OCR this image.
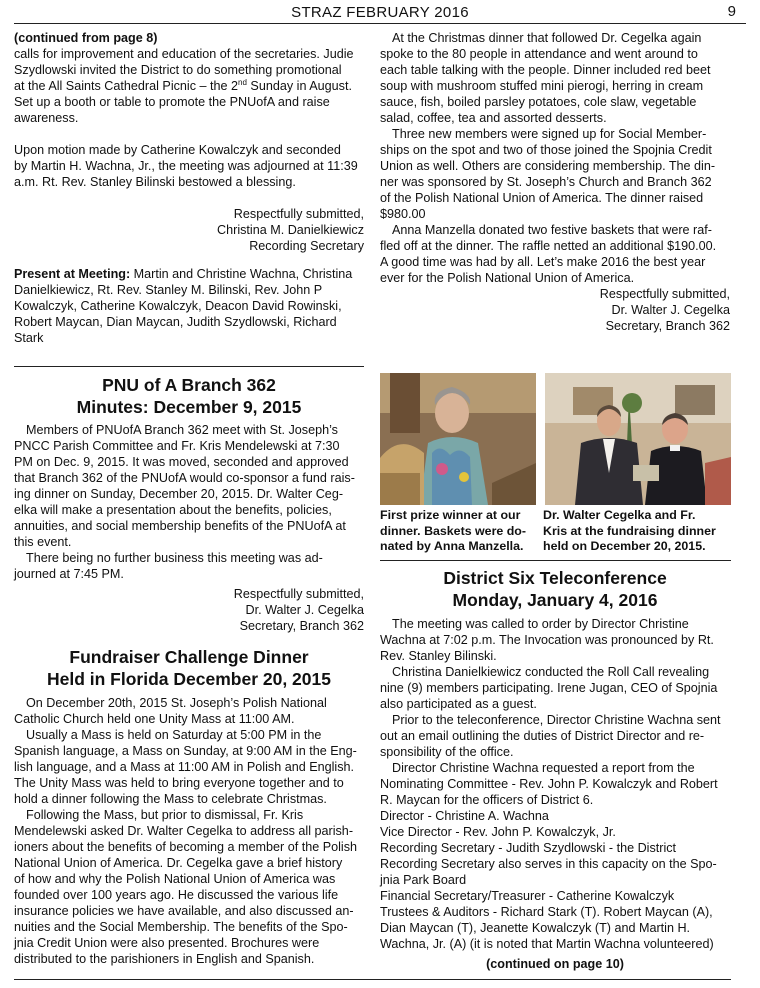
STRAZ FEBRUARY 2016	9
(continued from page 8)

calls for improvement and education of the secretaries. Judie
Szydlowski invited the District to do something promotional
at the All Saints Cathedral Picnic – the 2nd Sunday in August.
Set up a booth or table to promote the PNUofA and raise
awareness.

Upon motion made by Catherine Kowalczyk and seconded
by Martin H. Wachna, Jr., the meeting was adjourned at 11:39
a.m. Rt. Rev. Stanley Bilinski bestowed a blessing.

Respectfully submitted,
Christina M. Danielkiewicz
Recording Secretary

Present at Meeting: Martin and Christine Wachna, Christina
Danielkiewicz, Rt. Rev. Stanley M. Bilinski, Rev. John P
Kowalczyk, Catherine Kowalczyk, Deacon David Rowinski,
Robert Maycan, Dian Maycan, Judith Szydlowski, Richard
Stark

PNU of A Branch 362
Minutes: December 9, 2015

Members of PNUofA Branch 362 meet with St. Joseph’s
PNCC Parish Committee and Fr. Kris Mendelewski at 7:30
PM on Dec. 9, 2015. It was moved, seconded and approved
that Branch 362 of the PNUofA would co-sponsor a fund rais-
ing dinner on Sunday, December 20, 2015. Dr. Walter Ceg-
elka will make a presentation about the benefits, policies,
annuities, and social membership benefits of the PNUofA at
this event.

There being no further business this meeting was ad-
journed at 7:45 PM.

Respectfully submitted,
Dr. Walter J. Cegelka
Secretary, Branch 362
Fundraiser Challenge Dinner
Held in Florida December 20, 2015

On December 20th, 2015 St. Joseph’s Polish National
Catholic Church held one Unity Mass at 11:00 AM.

Usually a Mass is held on Saturday at 5:00 PM in the
Spanish language, a Mass on Sunday, at 9:00 AM in the Eng-
lish language, and a Mass at 11:00 AM in Polish and English.
The Unity Mass was held to bring everyone together and to
hold a dinner following the Mass to celebrate Christmas.

Following the Mass, but prior to dismissal, Fr. Kris
Mendelewski asked Dr. Walter Cegelka to address all parish-
ioners about the benefits of becoming a member of the Polish
National Union of America. Dr. Cegelka gave a brief history
of how and why the Polish National Union of America was
founded over 100 years ago. He discussed the various life
insurance policies we have available, and also discussed an-
nuities and the Social Membership. The benefits of the Spo-
jnia Credit Union were also presented. Brochures were
distributed to the parishioners in English and Spanish.

At the Christmas dinner that followed Dr. Cegelka again
spoke to the 80 people in attendance and went around to
each table talking with the people. Dinner included red beet
soup with mushroom stuffed mini pierogi, herring in cream
sauce, fish, boiled parsley potatoes, cole slaw, vegetable
salad, coffee, tea and assorted desserts.

Three new members were signed up for Social Member-
ships on the spot and two of those joined the Spojnia Credit
Union as well. Others are considering membership. The din-
ner was sponsored by St. Joseph’s Church and Branch 362
of the Polish National Union of America. The dinner raised
$980.00

Anna Manzella donated two festive baskets that were raf-
fled off at the dinner. The raffle netted an additional $190.00.
A good time was had by all. Let’s make 2016 the best year
ever for the Polish National Union of America.

Respectfully submitted,
Dr. Walter J. Cegelka
Secretary, Branch 362
First prize winner at our
dinner. Baskets were do-
nated by Anna Manzella.
Dr. Walter Cegelka and Fr.
Kris at the fundraising dinner
held on December 20, 2015.
District Six Teleconference
Monday, January 4, 2016

The meeting was called to order by Director Christine
Wachna at 7:02 p.m. The Invocation was pronounced by Rt.
Rev. Stanley Bilinski.

Christina Danielkiewicz conducted the Roll Call revealing
nine (9) members participating. Irene Jugan, CEO of Spojnia
also participated as a guest.

Prior to the teleconference, Director Christine Wachna sent
out an email outlining the duties of District Director and re-
sponsibility of the office.

Director Christine Wachna requested a report from the
Nominating Committee - Rev. John P. Kowalczyk and Robert
R. Maycan for the officers of District 6.

Director - Christine A. Wachna
Vice Director - Rev. John P. Kowalczyk, Jr.
Recording Secretary - Judith Szydlowski - the District
Recording Secretary also serves in this capacity on the Spo-
jnia Park Board
Financial Secretary/Treasurer - Catherine Kowalczyk
Trustees & Auditors - Richard Stark (T). Robert Maycan (A),
Dian Maycan (T), Jeanette Kowalczyk (T) and Martin H.
Wachna, Jr. (A) (it is noted that Martin Wachna volunteered)

(continued on page 10)
